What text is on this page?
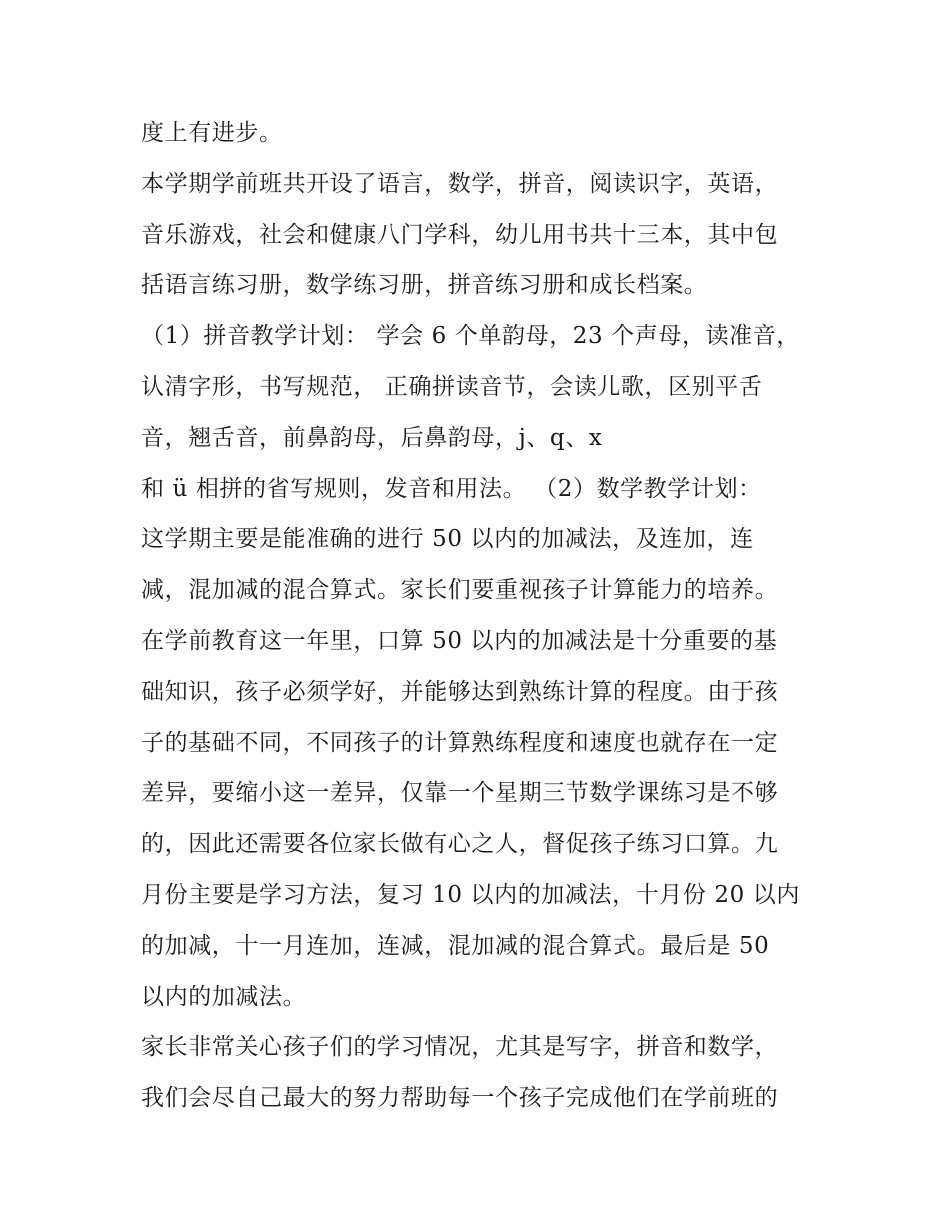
度上有进步。
本学期学前班共开设了语言，数学，拼音，阅读识字，英语，
音乐游戏，社会和健康八门学科，幼儿用书共十三本，其中包
括语言练习册，数学练习册，拼音练习册和成长档案。
（1）拼音教学计划： 学会 6 个单韵母，23 个声母，读准音，
认清字形，书写规范， 正确拼读音节，会读儿歌，区别平舌
音，翘舌音，前鼻韵母，后鼻韵母，j、q、x
和 ü 相拼的省写规则，发音和用法。 （2）数学教学计划：
这学期主要是能准确的进行 50 以内的加减法，及连加，连
减，混加减的混合算式。家长们要重视孩子计算能力的培养。
在学前教育这一年里，口算 50 以内的加减法是十分重要的基
础知识，孩子必须学好，并能够达到熟练计算的程度。由于孩
子的基础不同，不同孩子的计算熟练程度和速度也就存在一定
差异，要缩小这一差异，仅靠一个星期三节数学课练习是不够
的，因此还需要各位家长做有心之人，督促孩子练习口算。九
月份主要是学习方法，复习 10 以内的加减法，十月份 20 以内
的加减，十一月连加，连减，混加减的混合算式。最后是 50
以内的加减法。
家长非常关心孩子们的学习情况，尤其是写字，拼音和数学，
我们会尽自己最大的努力帮助每一个孩子完成他们在学前班的
